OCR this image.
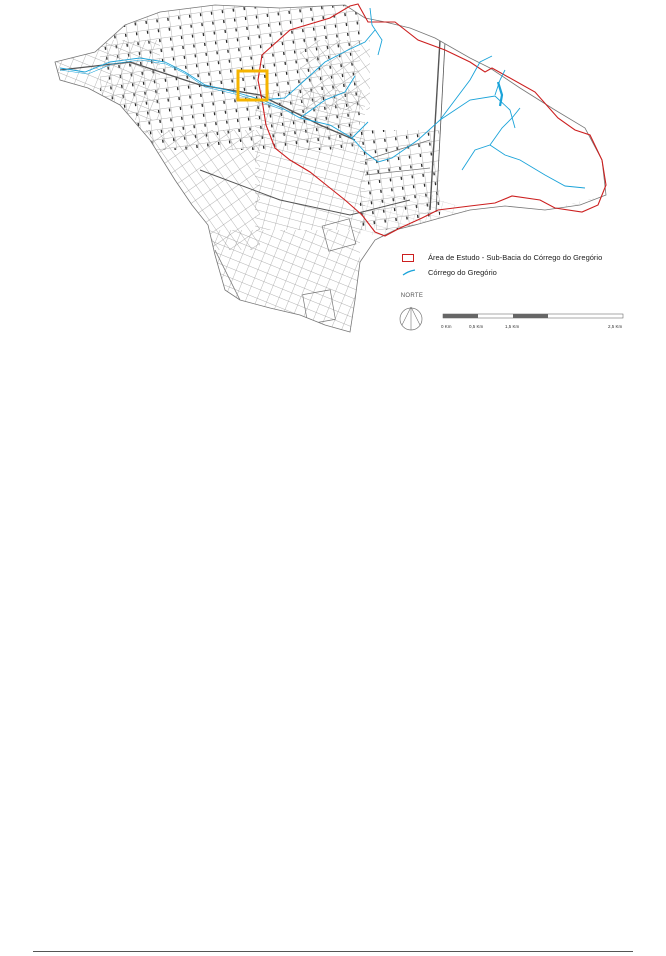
Área de Estudo - Sub-Bacia do Córrego do Gregório
Córrego do Gregório
NORTE
0 Km	0,5 Km	1,5 Km	2,5 Km
